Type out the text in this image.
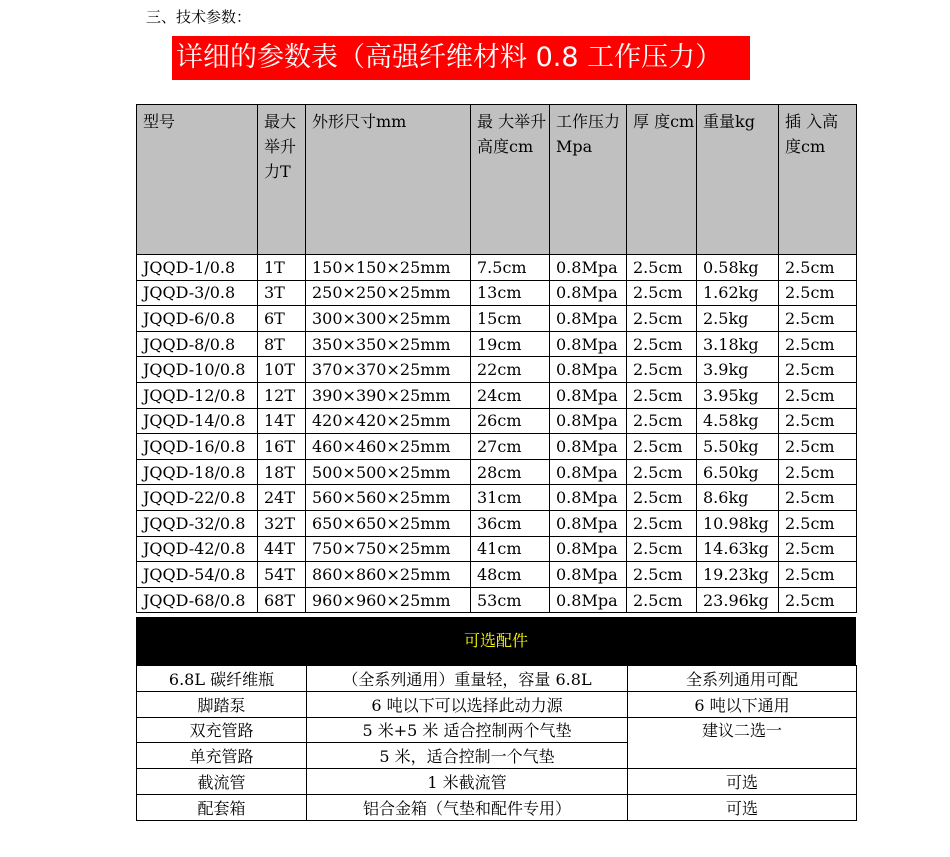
三、技术参数：
详细的参数表（高强纤维材料 0.8 工作压力）
型号	最大举升力T	外形尺寸mm	最 大举升高度cm	工作压力Mpa	厚 度cm	重量kg	插 入高 度cm

JQQD-1/0.8	1T	150×150×25mm	7.5cm	0.8Mpa	2.5cm	0.58kg	2.5cm
JQQD-3/0.8	3T	250×250×25mm	13cm	0.8Mpa	2.5cm	1.62kg	2.5cm
JQQD-6/0.8	6T	300×300×25mm	15cm	0.8Mpa	2.5cm	2.5kg	2.5cm
JQQD-8/0.8	8T	350×350×25mm	19cm	0.8Mpa	2.5cm	3.18kg	2.5cm
JQQD-10/0.8	10T	370×370×25mm	22cm	0.8Mpa	2.5cm	3.9kg	2.5cm
JQQD-12/0.8	12T	390×390×25mm	24cm	0.8Mpa	2.5cm	3.95kg	2.5cm
JQQD-14/0.8	14T	420×420×25mm	26cm	0.8Mpa	2.5cm	4.58kg	2.5cm
JQQD-16/0.8	16T	460×460×25mm	27cm	0.8Mpa	2.5cm	5.50kg	2.5cm
JQQD-18/0.8	18T	500×500×25mm	28cm	0.8Mpa	2.5cm	6.50kg	2.5cm
JQQD-22/0.8	24T	560×560×25mm	31cm	0.8Mpa	2.5cm	8.6kg	2.5cm
JQQD-32/0.8	32T	650×650×25mm	36cm	0.8Mpa	2.5cm	10.98kg	2.5cm
JQQD-42/0.8	44T	750×750×25mm	41cm	0.8Mpa	2.5cm	14.63kg	2.5cm
JQQD-54/0.8	54T	860×860×25mm	48cm	0.8Mpa	2.5cm	19.23kg	2.5cm
JQQD-68/0.8	68T	960×960×25mm	53cm	0.8Mpa	2.5cm	23.96kg	2.5cm
可选配件
6.8L 碳纤维瓶	（全系列通用）重量轻，容量 6.8L	全系列通用可配
脚踏泵	6 吨以下可以选择此动力源	6 吨以下通用
双充管路	5 米+5 米 适合控制两个气垫	建议二选一
单充管路	5 米，适合控制一个气垫	
截流管	1 米截流管	可选
配套箱	铝合金箱（气垫和配件专用）	可选
